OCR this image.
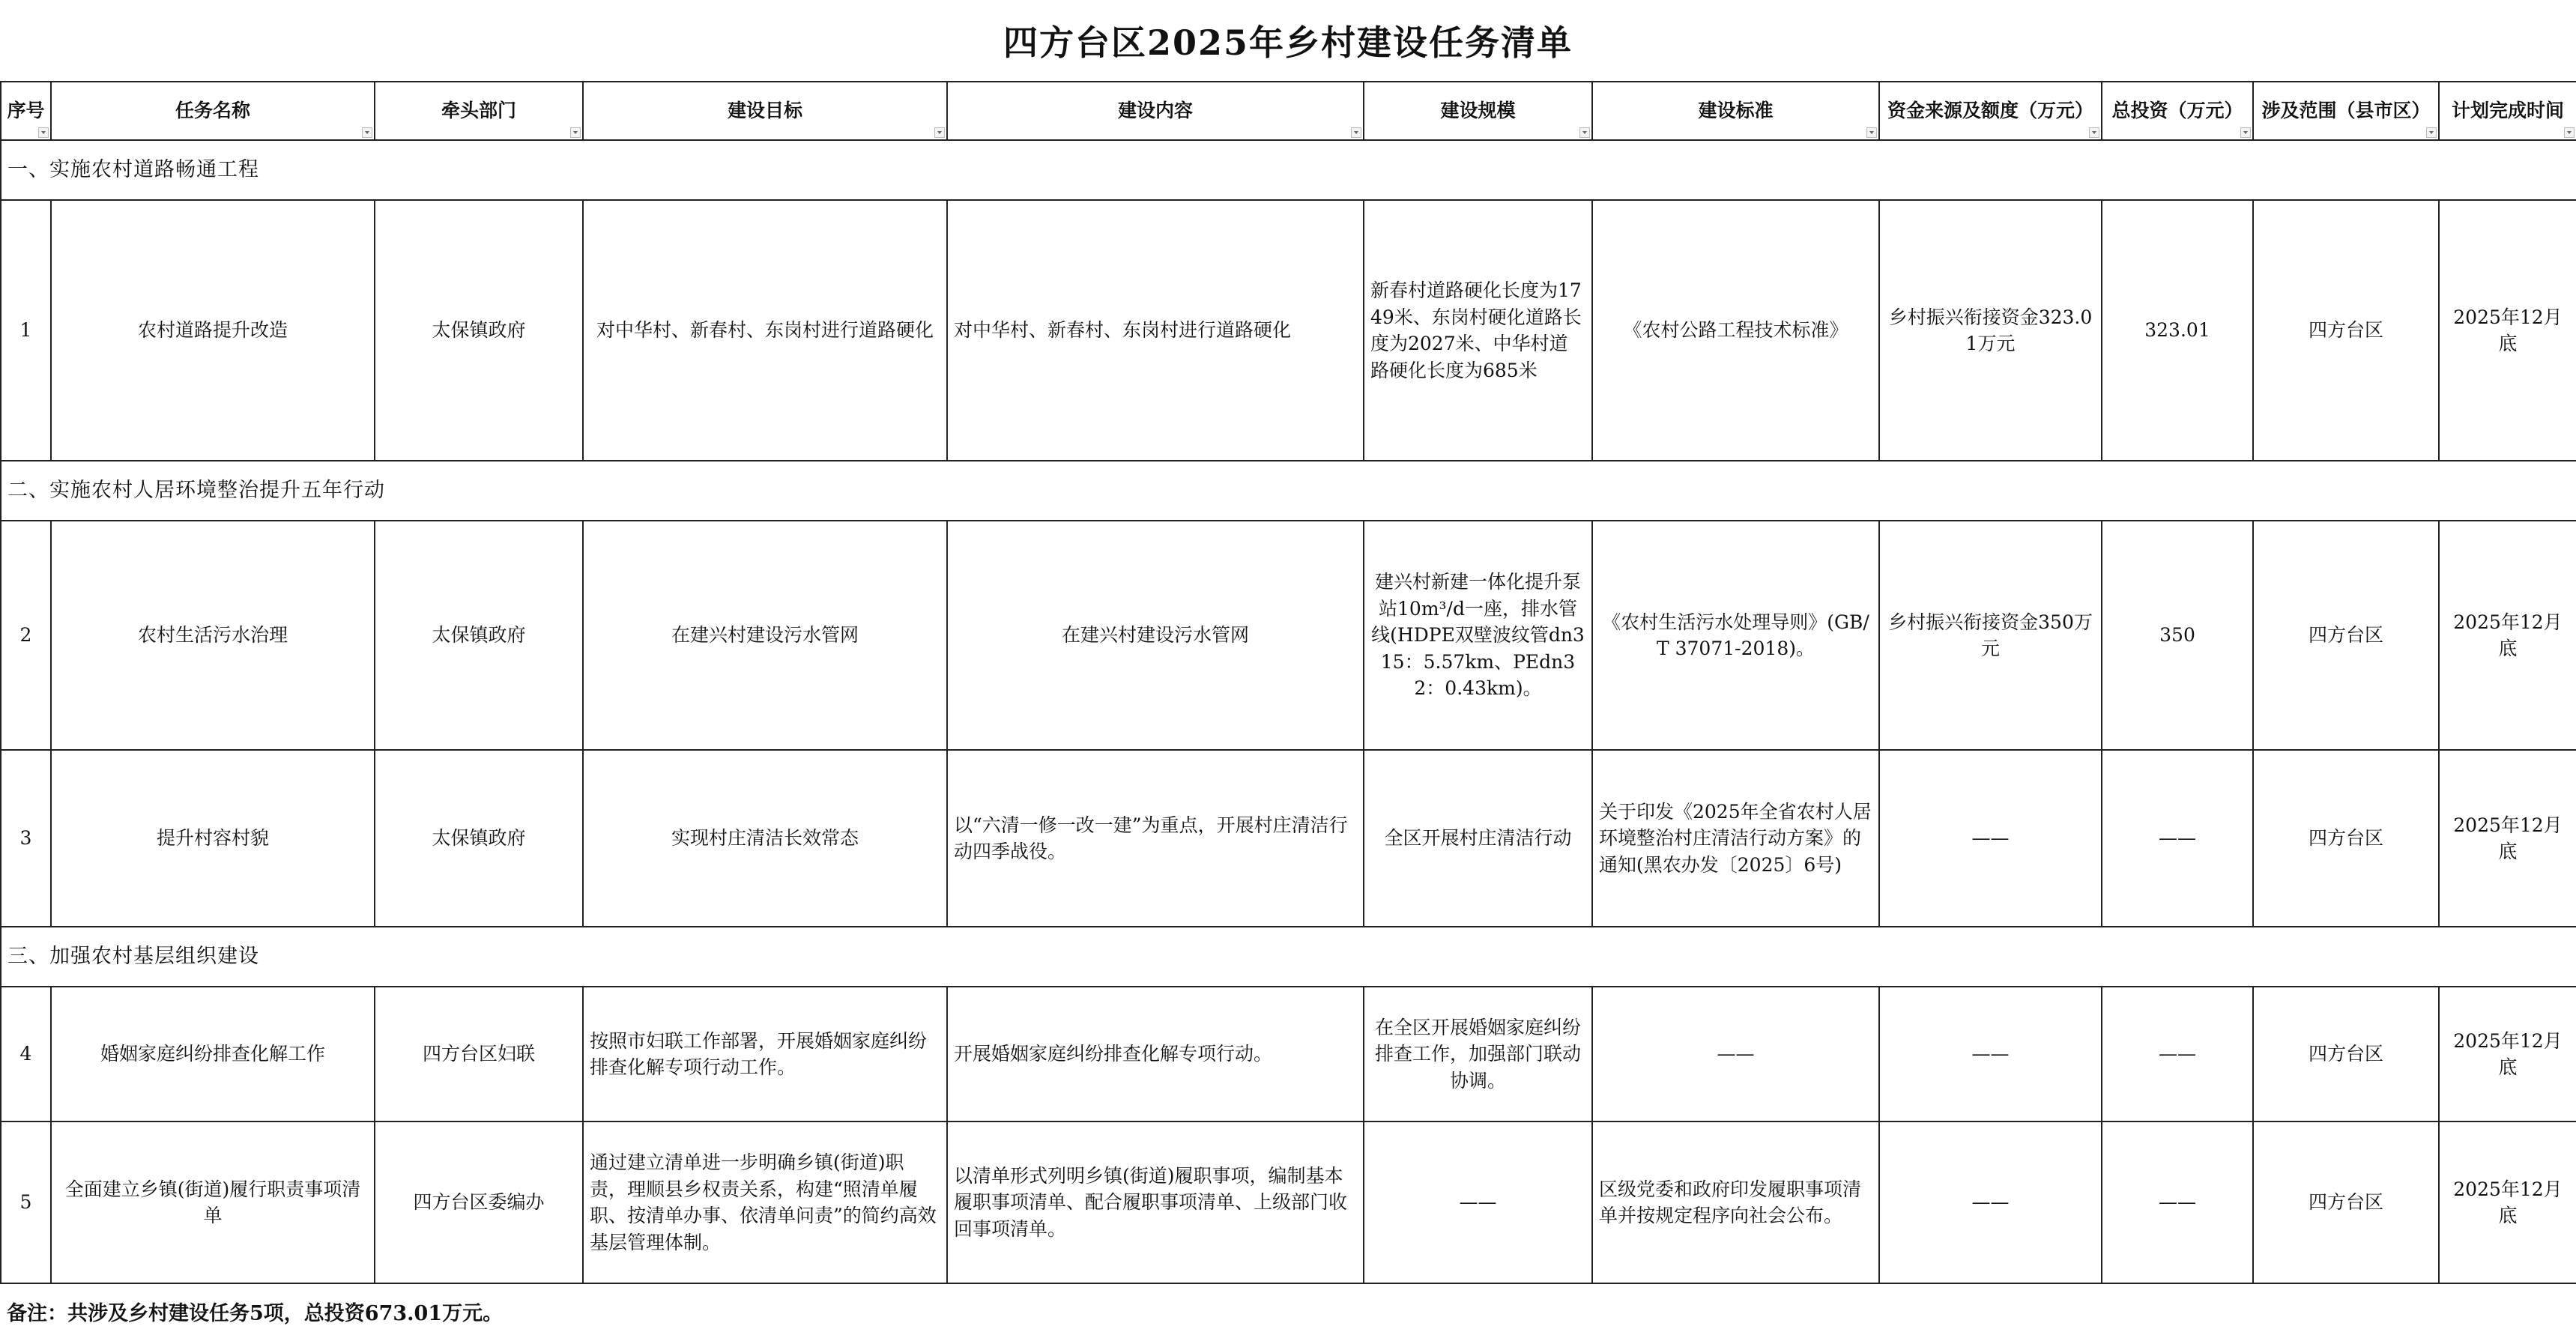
四方台区2025年乡村建设任务清单
序号	任务名称	牵头部门	建设目标	建设内容	建设规模	建设标准	资金来源及额度（万元）	总投资（万元）	涉及范围（县市区）	计划完成时间

一、实施农村道路畅通工程										
1	农村道路提升改造	太保镇政府	对中华村、新春村、东岗村进行道路硬化	对中华村、新春村、东岗村进行道路硬化	新春村道路硬化长度为1749米、东岗村硬化道路长度为2027米、中华村道路硬化长度为685米	《农村公路工程技术标准》	乡村振兴衔接资金323.01万元	323.01	四方台区	2025年12月底
二、实施农村人居环境整治提升五年行动										
2	农村生活污水治理	太保镇政府	在建兴村建设污水管网	在建兴村建设污水管网	建兴村新建一体化提升泵站10m³/d一座，排水管线(HDPE双壁波纹管dn315：5.57km、PEdn32：0.43km)。	《农村生活污水处理导则》(GB/T 37071-2018)。	乡村振兴衔接资金350万元	350	四方台区	2025年12月底
3	提升村容村貌	太保镇政府	实现村庄清洁长效常态	以“六清一修一改一建”为重点，开展村庄清洁行动四季战役。	全区开展村庄清洁行动	关于印发《2025年全省农村人居环境整治村庄清洁行动方案》的通知(黑农办发〔2025〕6号)	——	——	四方台区	2025年12月底
三、加强农村基层组织建设										
4	婚姻家庭纠纷排查化解工作	四方台区妇联	按照市妇联工作部署，开展婚姻家庭纠纷排查化解专项行动工作。	开展婚姻家庭纠纷排查化解专项行动。	在全区开展婚姻家庭纠纷排查工作，加强部门联动协调。	——	——	——	四方台区	2025年12月底
5	全面建立乡镇(街道)履行职责事项清单	四方台区委编办	通过建立清单进一步明确乡镇(街道)职责，理顺县乡权责关系，构建“照清单履职、按清单办事、依清单问责”的简约高效基层管理体制。	以清单形式列明乡镇(街道)履职事项，编制基本履职事项清单、配合履职事项清单、上级部门收回事项清单。	——	区级党委和政府印发履职事项清单并按规定程序向社会公布。	——	——	四方台区	2025年12月底
备注：共涉及乡村建设任务5项，总投资673.01万元。										
